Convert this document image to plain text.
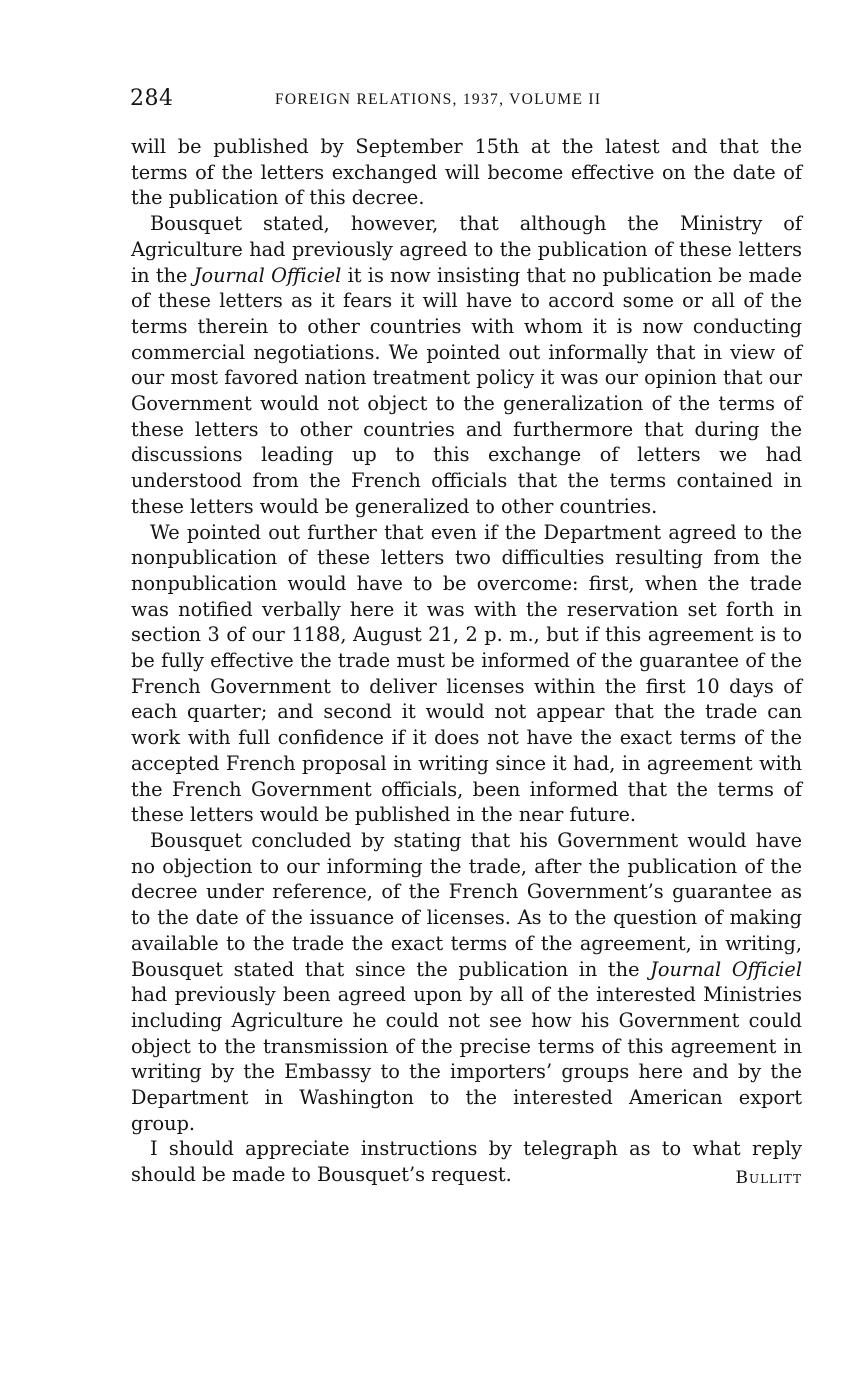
284	FOREIGN RELATIONS, 1937, VOLUME II

will be published by September 15th at the latest and that the terms of the letters exchanged will become effective on the date of the publication of this decree.

Bousquet stated, however, that although the Ministry of Agriculture had previously agreed to the publication of these letters in the Journal Officiel it is now insisting that no publication be made of these letters as it fears it will have to accord some or all of the terms therein to other countries with whom it is now conducting commercial negotiations. We pointed out informally that in view of our most favored nation treatment policy it was our opinion that our Government would not object to the generalization of the terms of these letters to other countries and furthermore that during the discussions leading up to this exchange of letters we had understood from the French officials that the terms contained in these letters would be generalized to other countries.

We pointed out further that even if the Department agreed to the nonpublication of these letters two difficulties resulting from the nonpublication would have to be overcome: first, when the trade was notified verbally here it was with the reservation set forth in section 3 of our 1188, August 21, 2 p. m., but if this agreement is to be fully effective the trade must be informed of the guarantee of the French Government to deliver licenses within the first 10 days of each quarter; and second it would not appear that the trade can work with full confidence if it does not have the exact terms of the accepted French proposal in writing since it had, in agreement with the French Government officials, been informed that the terms of these letters would be published in the near future.

Bousquet concluded by stating that his Government would have no objection to our informing the trade, after the publication of the decree under reference, of the French Government’s guarantee as to the date of the issuance of licenses. As to the question of making available to the trade the exact terms of the agreement, in writing, Bousquet stated that since the publication in the Journal Officiel had previously been agreed upon by all of the interested Ministries including Agriculture he could not see how his Government could object to the transmission of the precise terms of this agreement in writing by the Embassy to the importers’ groups here and by the Department in Washington to the interested American export group.

I should appreciate instructions by telegraph as to what reply should be made to Bousquet’s request.	Bullitt
